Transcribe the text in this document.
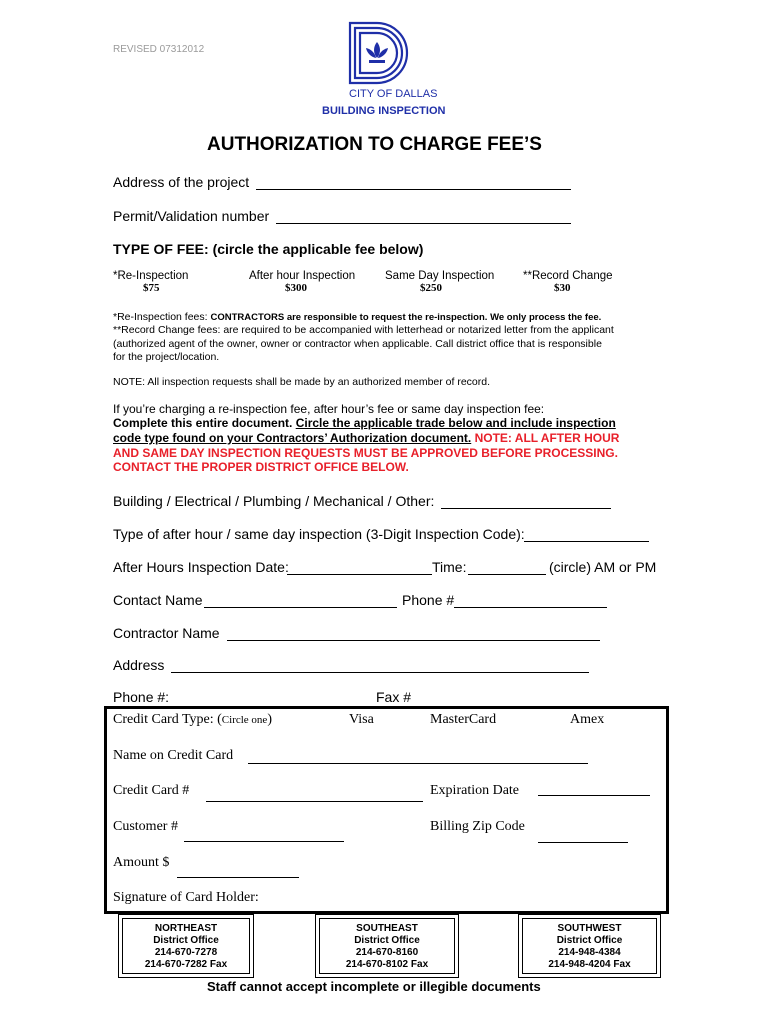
REVISED 07312012
CITY OF DALLAS
BUILDING INSPECTION
AUTHORIZATION TO CHARGE FEE’S
Address of the project
Permit/Validation number
TYPE OF FEE: (circle the applicable fee below)
*Re-Inspection
$75
After hour Inspection
$300
Same Day Inspection
$250
**Record Change
$30
*Re-Inspection fees: CONTRACTORS are responsible to request the re-inspection. We only process the fee.
**Record Change fees: are required to be accompanied with letterhead or notarized letter from the applicant
(authorized agent of the owner, owner or contractor when applicable. Call district office that is responsible
for the project/location.
NOTE: All inspection requests shall be made by an authorized member of record.
If you’re charging a re-inspection fee, after hour’s fee or same day inspection fee:
Complete this entire document. Circle the applicable trade below and include inspection
code type found on your Contractors’ Authorization document. NOTE: ALL AFTER HOUR
AND SAME DAY INSPECTION REQUESTS MUST BE APPROVED BEFORE PROCESSING.
CONTACT THE PROPER DISTRICT OFFICE BELOW.
Building / Electrical / Plumbing / Mechanical / Other:
Type of after hour / same day inspection (3-Digit Inspection Code):
After Hours Inspection Date:	Time:	(circle) AM or PM
Contact Name	Phone #
Contractor Name
Address
Phone #:	Fax #
Credit Card Type: (Circle one)	Visa	MasterCard	Amex
Name on Credit Card
Credit Card #	Expiration Date
Customer #	Billing Zip Code
Amount $
Signature of Card Holder:
NORTHEAST
District Office
214-670-7278
214-670-7282 Fax
SOUTHEAST
District Office
214-670-8160
214-670-8102 Fax
SOUTHWEST
District Office
214-948-4384
214-948-4204 Fax
Staff cannot accept incomplete or illegible documents
